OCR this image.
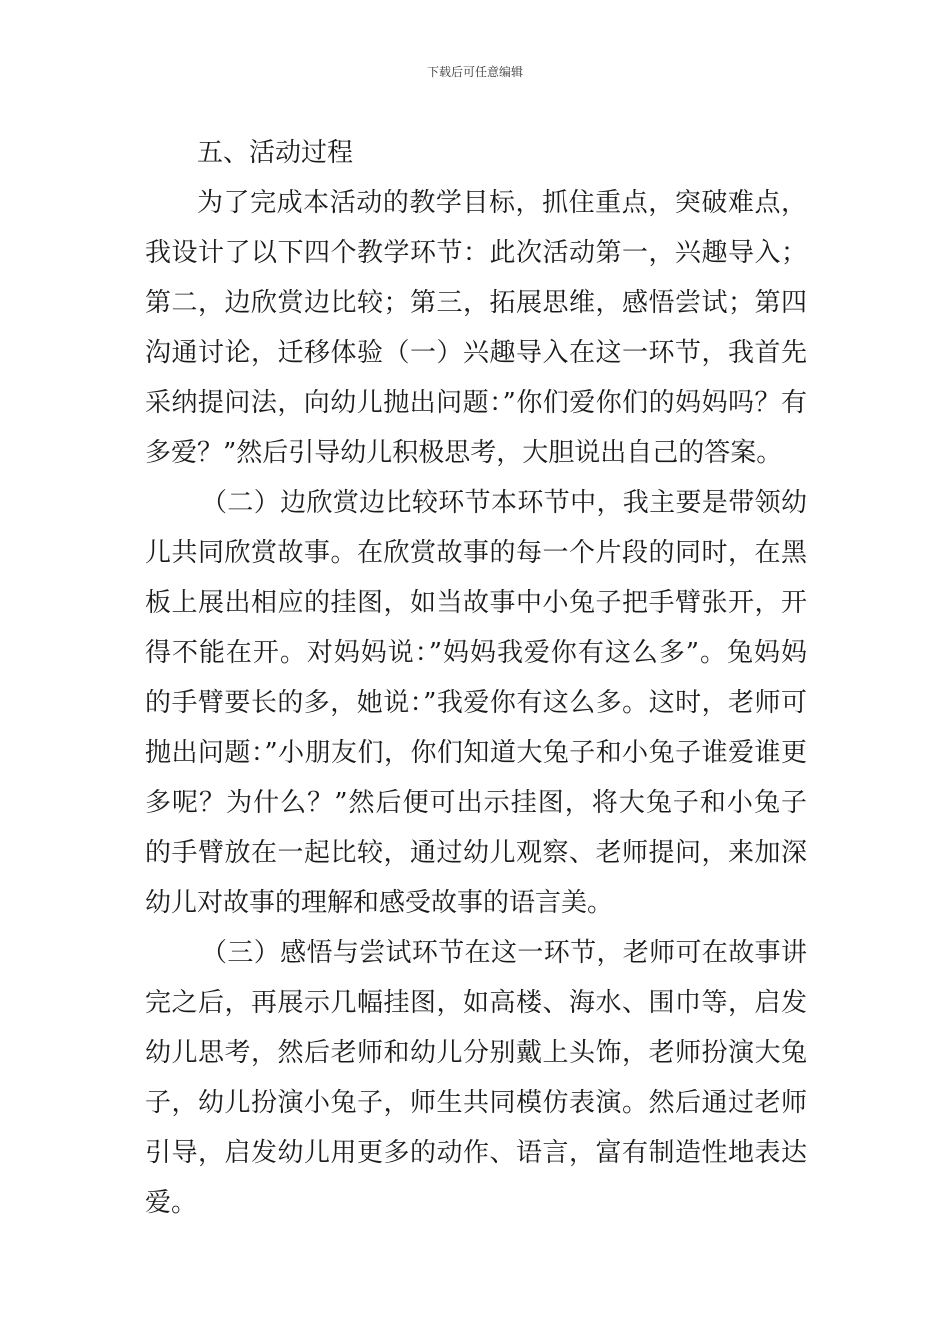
下载后可任意编辑

五、活动过程

为了完成本活动的教学目标，抓住重点，突破难点，我设计了以下四个教学环节：此次活动第一，兴趣导入；第二，边欣赏边比较；第三，拓展思维，感悟尝试；第四沟通讨论，迁移体验（一）兴趣导入在这一环节，我首先采纳提问法，向幼儿抛出问题：”你们爱你们的妈妈吗？有多爱？”然后引导幼儿积极思考，大胆说出自己的答案。

（二）边欣赏边比较环节本环节中，我主要是带领幼儿共同欣赏故事。在欣赏故事的每一个片段的同时，在黑板上展出相应的挂图，如当故事中小兔子把手臂张开，开得不能在开。对妈妈说：”妈妈我爱你有这么多”。兔妈妈的手臂要长的多，她说：”我爱你有这么多。这时，老师可抛出问题：”小朋友们，你们知道大兔子和小兔子谁爱谁更多呢？为什么？”然后便可出示挂图，将大兔子和小兔子的手臂放在一起比较，通过幼儿观察、老师提问，来加深幼儿对故事的理解和感受故事的语言美。

（三）感悟与尝试环节在这一环节，老师可在故事讲完之后，再展示几幅挂图，如高楼、海水、围巾等，启发幼儿思考，然后老师和幼儿分别戴上头饰，老师扮演大兔子，幼儿扮演小兔子，师生共同模仿表演。然后通过老师引导，启发幼儿用更多的动作、语言，富有制造性地表达爱。
